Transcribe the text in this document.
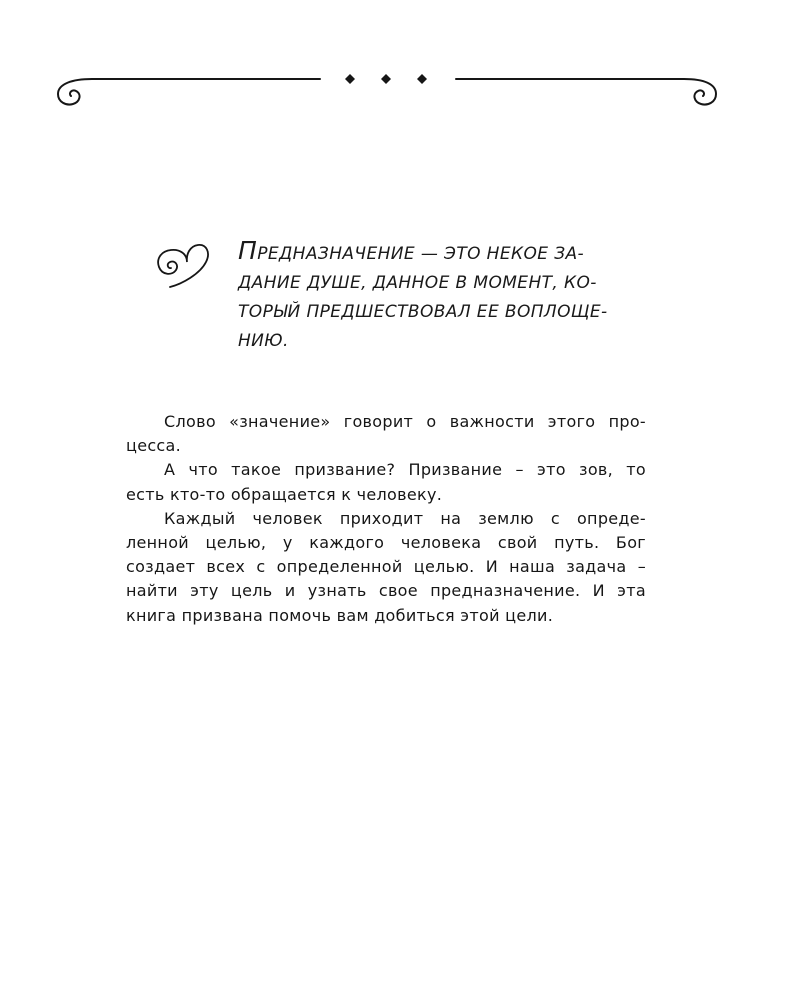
ПРЕДНАЗНАЧЕНИЕ — ЭТО НЕКОЕ ЗА-
ДАНИЕ ДУШЕ, ДАННОЕ В МОМЕНТ, КО-
ТОРЫЙ ПРЕДШЕСТВОВАЛ ЕЕ ВОПЛОЩЕ-
НИЮ.

Слово «значение» говорит о важности этого про-
цесса.
А что такое призвание? Призвание – это зов, то
есть кто-то обращается к человеку.
Каждый человек приходит на землю с опреде-
ленной целью, у каждого человека свой путь. Бог
создает всех с определенной целью. И наша задача –
найти эту цель и узнать свое предназначение. И эта
книга призвана помочь вам добиться этой цели.
